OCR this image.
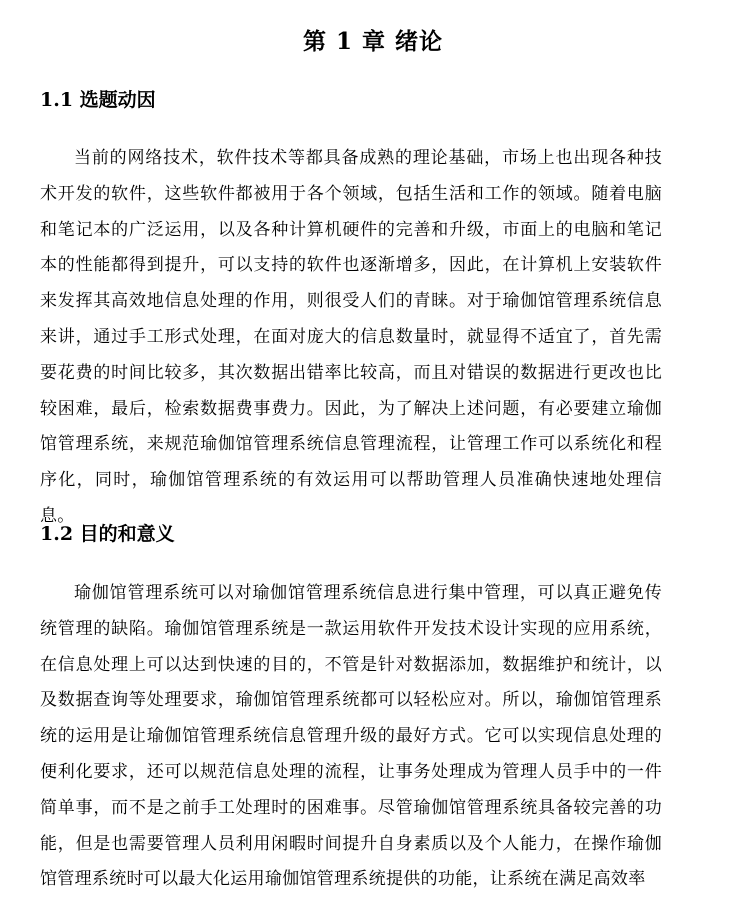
第 1 章 绪论
1.1 选题动因

当前的网络技术，软件技术等都具备成熟的理论基础，市场上也出现各种技术开发的软件，这些软件都被用于各个领域，包括生活和工作的领域。随着电脑和笔记本的广泛运用，以及各种计算机硬件的完善和升级，市面上的电脑和笔记本的性能都得到提升，可以支持的软件也逐渐增多，因此，在计算机上安装软件来发挥其高效地信息处理的作用，则很受人们的青睐。对于瑜伽馆管理系统信息来讲，通过手工形式处理，在面对庞大的信息数量时，就显得不适宜了，首先需要花费的时间比较多，其次数据出错率比较高，而且对错误的数据进行更改也比较困难，最后，检索数据费事费力。因此，为了解决上述问题，有必要建立瑜伽馆管理系统，来规范瑜伽馆管理系统信息管理流程，让管理工作可以系统化和程序化，同时，瑜伽馆管理系统的有效运用可以帮助管理人员准确快速地处理信息。

1.2 目的和意义

瑜伽馆管理系统可以对瑜伽馆管理系统信息进行集中管理，可以真正避免传统管理的缺陷。瑜伽馆管理系统是一款运用软件开发技术设计实现的应用系统，在信息处理上可以达到快速的目的，不管是针对数据添加，数据维护和统计，以及数据查询等处理要求，瑜伽馆管理系统都可以轻松应对。所以，瑜伽馆管理系统的运用是让瑜伽馆管理系统信息管理升级的最好方式。它可以实现信息处理的便利化要求，还可以规范信息处理的流程，让事务处理成为管理人员手中的一件简单事，而不是之前手工处理时的困难事。尽管瑜伽馆管理系统具备较完善的功能，但是也需要管理人员利用闲暇时间提升自身素质以及个人能力，在操作瑜伽馆管理系统时可以最大化运用瑜伽馆管理系统提供的功能，让系统在满足高效率
